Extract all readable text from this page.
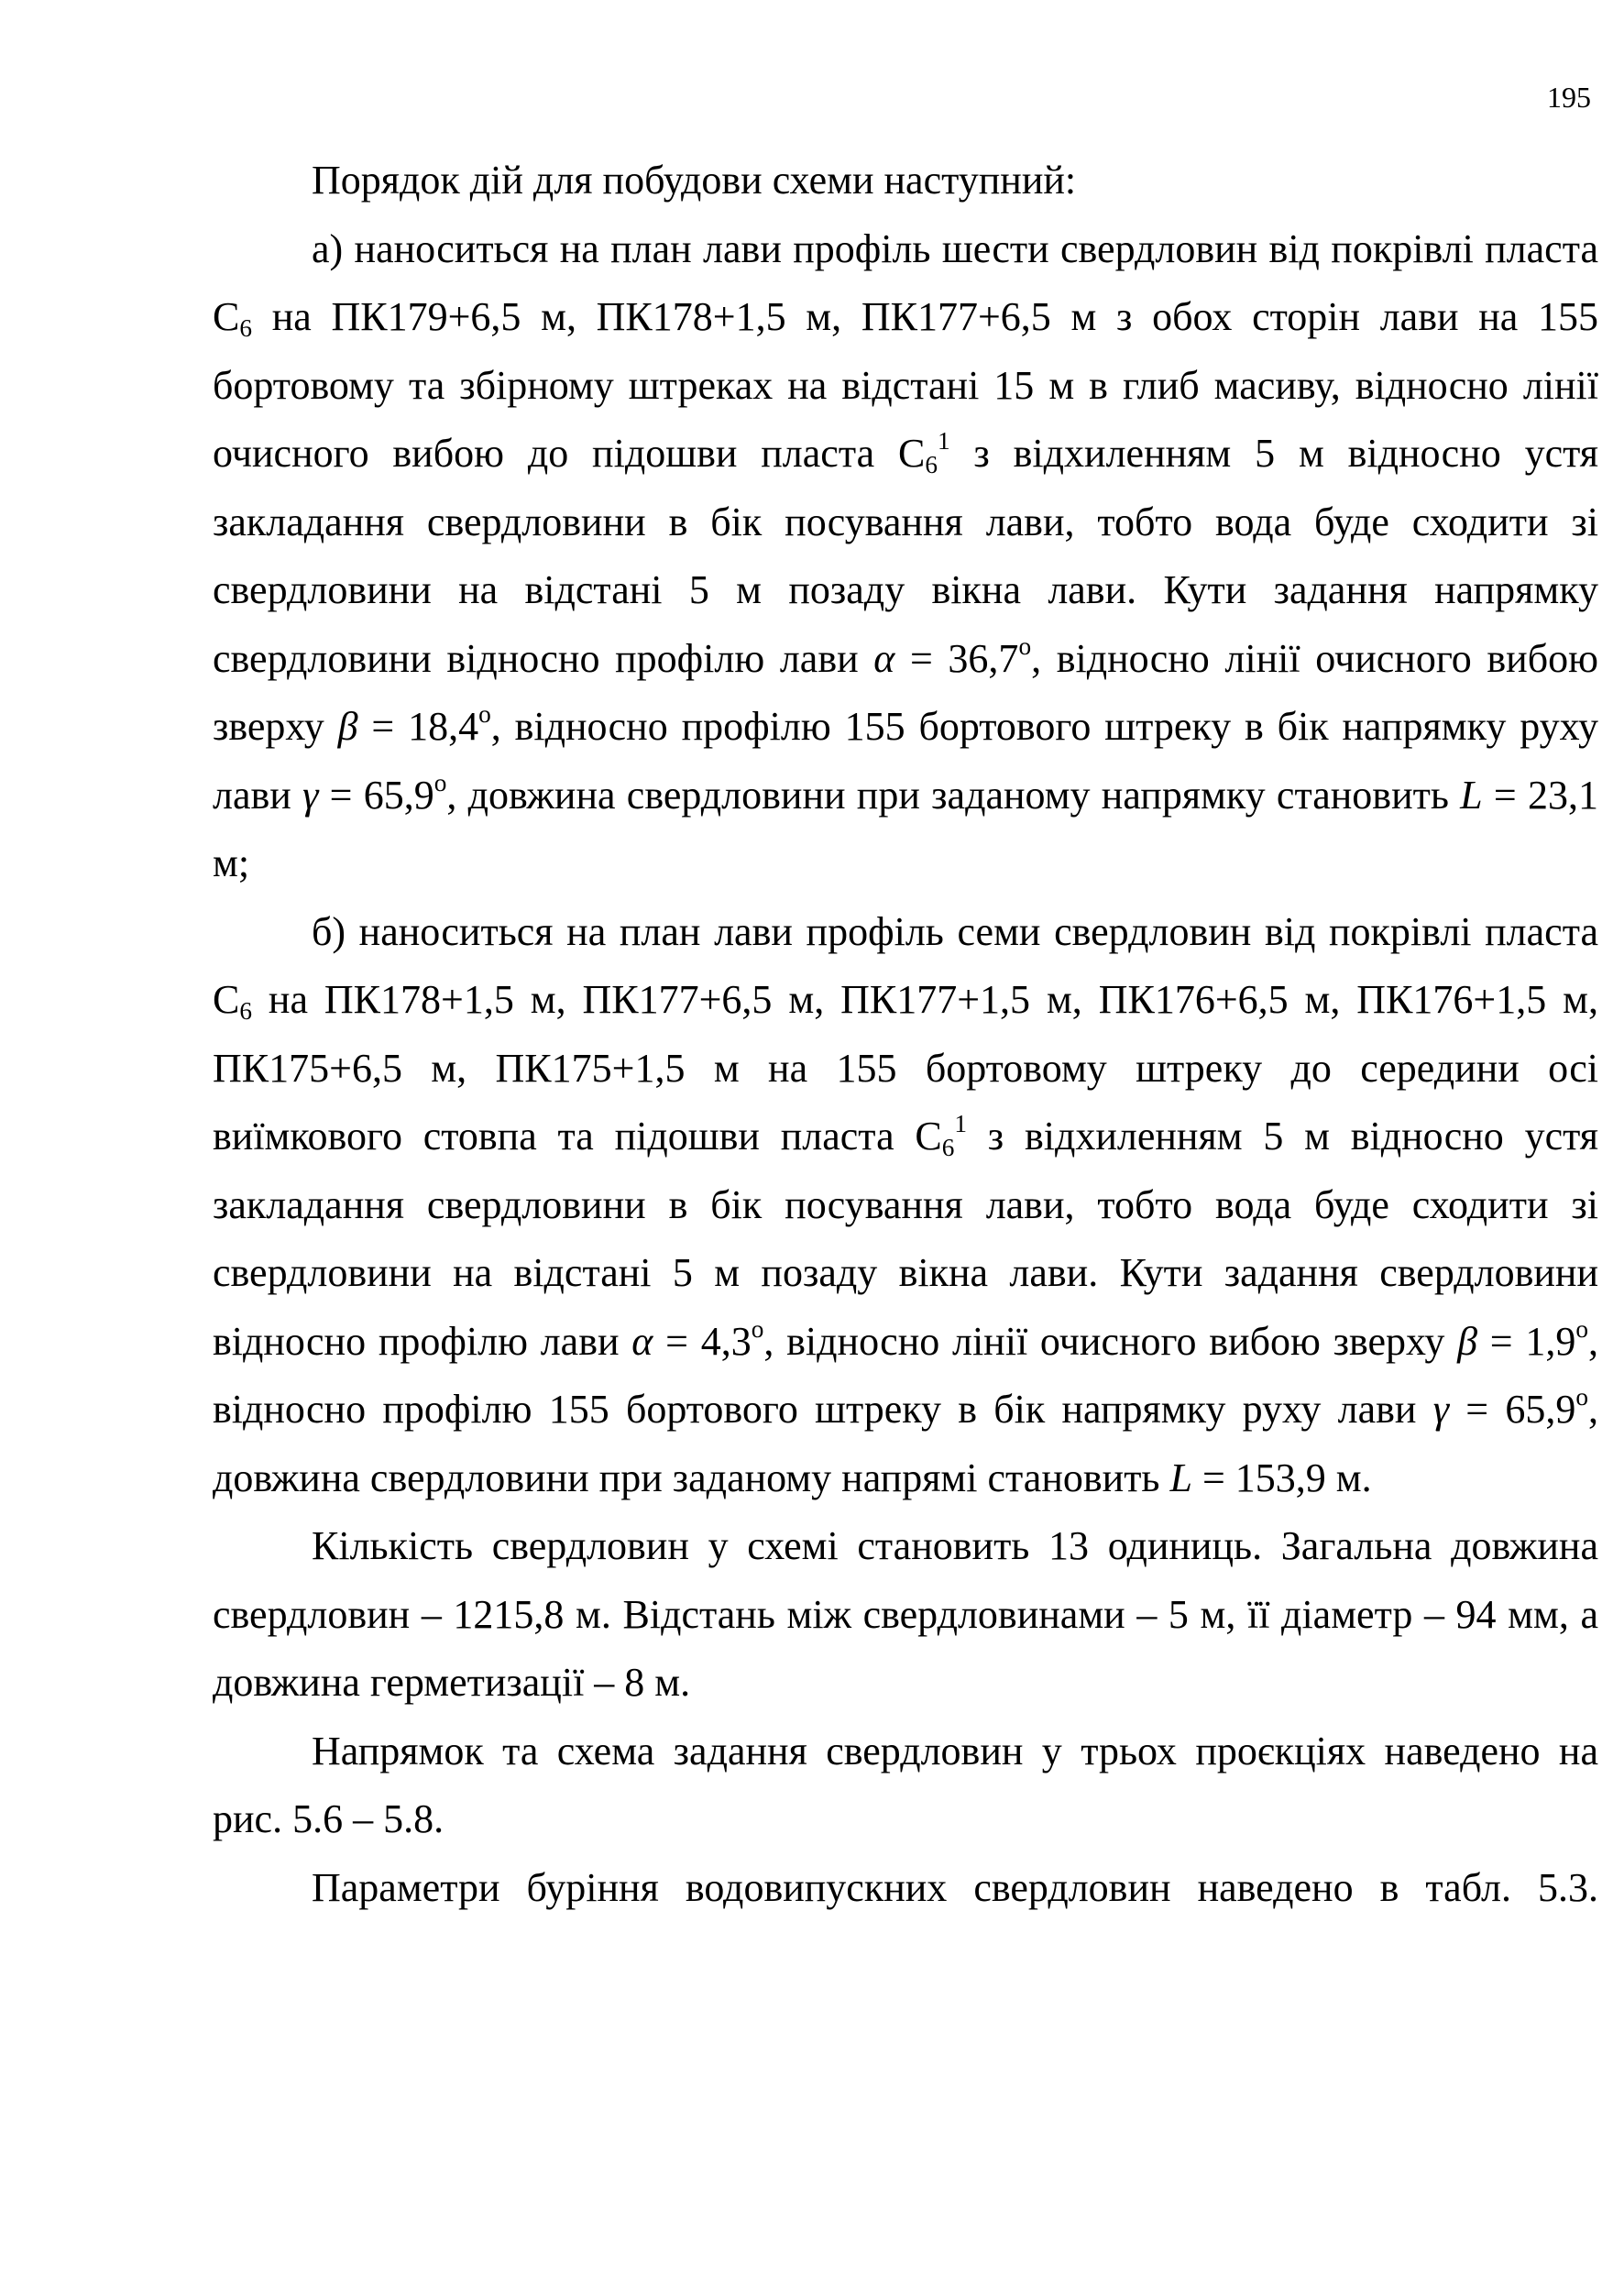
195

Порядок дій для побудови схеми наступний:

а) наноситься на план лави профіль шести свердловин від покрівлі пласта $С_6$ на ПК179+6,5 м, ПК178+1,5 м, ПК177+6,5 м з обох сторін лави на 155 бортовому та збірному штреках на відстані 15 м в глиб масиву, відносно лінії очисного вибою до підошви пласта $С_6^1$ з відхиленням 5 м відносно устя закладання свердловини в бік посування лави, тобто вода буде сходити зі свердловини на відстані 5 м позаду вікна лави. Кути задання напрямку свердловини відносно профілю лави $\alpha = 36,7^о$, відносно лінії очисного вибою зверху $\beta = 18,4^о$, відносно профілю 155 бортового штреку в бік напрямку руху лави $\gamma = 65,9^о$, довжина свердловини при заданому напрямку становить L = 23,1 м;

б) наноситься на план лави профіль семи свердловин від покрівлі пласта $С_6$ на ПК178+1,5 м, ПК177+6,5 м, ПК177+1,5 м, ПК176+6,5 м, ПК176+1,5 м, ПК175+6,5 м, ПК175+1,5 м на 155 бортовому штреку до середини осі виїмкового стовпа та підошви пласта $С_6^1$ з відхиленням 5 м відносно устя закладання свердловини в бік посування лави, тобто вода буде сходити зі свердловини на відстані 5 м позаду вікна лави. Кути задання свердловини відносно профілю лави $\alpha = 4,3^о$, відносно лінії очисного вибою зверху $\beta = 1,9^о$, відносно профілю 155 бортового штреку в бік напрямку руху лави $\gamma = 65,9^о$, довжина свердловини при заданому напрямі становить L = 153,9 м.

Кількість свердловин у схемі становить 13 одиниць. Загальна довжина свердловин – 1215,8 м. Відстань між свердловинами – 5 м, її діаметр – 94 мм, а довжина герметизації – 8 м.

Напрямок та схема задання свердловин у трьох проєкціях наведено на рис. 5.6 – 5.8.

Параметри буріння водовипускних свердловин наведено в табл. 5.3.
